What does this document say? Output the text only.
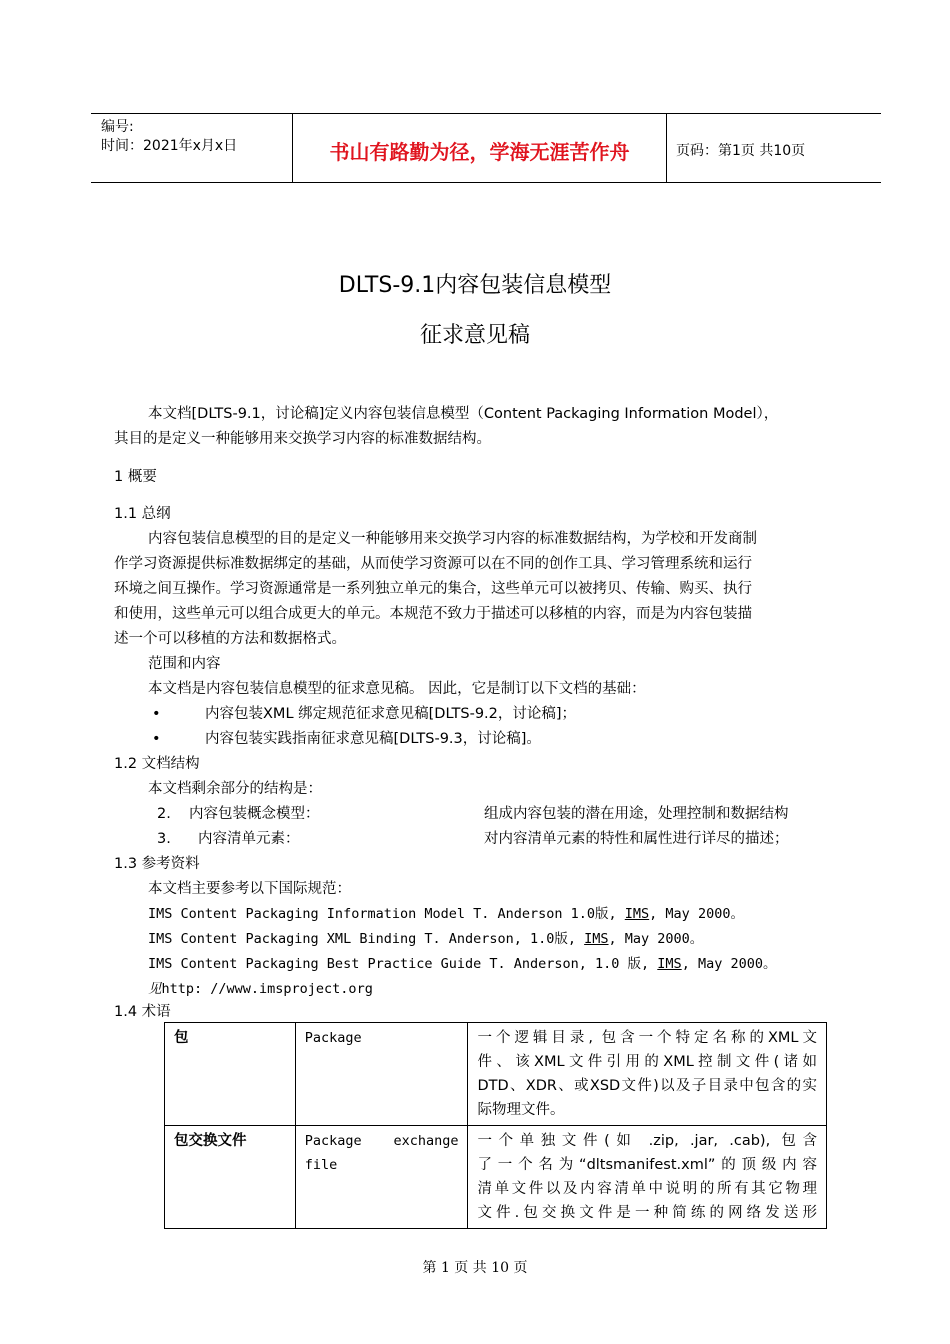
编号:
时间：2021年x月x日	书山有路勤为径，学海无涯苦作舟	页码：第1页 共10页
DLTS-9.1内容包装信息模型
征求意见稿
本文档[DLTS-9.1，讨论稿]定义内容包装信息模型（Content Packaging Information Model），
其目的是定义一种能够用来交换学习内容的标准数据结构。
1 概要
1.1 总纲
内容包装信息模型的目的是定义一种能够用来交换学习内容的标准数据结构，为学校和开发商制
作学习资源提供标准数据绑定的基础，从而使学习资源可以在不同的创作工具、学习管理系统和运行
环境之间互操作。学习资源通常是一系列独立单元的集合，这些单元可以被拷贝、传输、购买、执行
和使用，这些单元可以组合成更大的单元。本规范不致力于描述可以移植的内容，而是为内容包装描
述一个可以移植的方法和数据格式。
范围和内容
本文档是内容包装信息模型的征求意见稿。 因此，它是制订以下文档的基础：
•	内容包装XML 绑定规范征求意见稿[DLTS-9.2，讨论稿]；
•	内容包装实践指南征求意见稿[DLTS-9.3，讨论稿]。
1.2 文档结构
本文档剩余部分的结构是：
2. 内容包装概念模型：	组成内容包装的潜在用途，处理控制和数据结构
3. 内容清单元素：	对内容清单元素的特性和属性进行详尽的描述；
1.3 参考资料
本文档主要参考以下国际规范：
IMS Content Packaging Information Model T. Anderson 1.0版, IMS, May 2000。
IMS Content Packaging XML Binding T. Anderson, 1.0版, IMS, May 2000。
IMS Content Packaging Best Practice Guide T. Anderson, 1.0 版, IMS, May 2000。
见http: //www.imsproject.org
1.4 术语
包	Package	一个逻辑目录, 包含一个特定名称的XML文
件、该XML文件引用的XML控制文件(诸如
DTD、XDR、或XSD文件)以及子目录中包含的实
际物理文件。

包交换文件	Package exchange file	一个单独文件(如 .zip, .jar, .cab), 包含
了一个名为“dltsmanifest.xml”的顶级内容
清单文件以及内容清单中说明的所有其它物理
文件.包交换文件是一种简练的网络发送形
第 1 页 共 10 页
